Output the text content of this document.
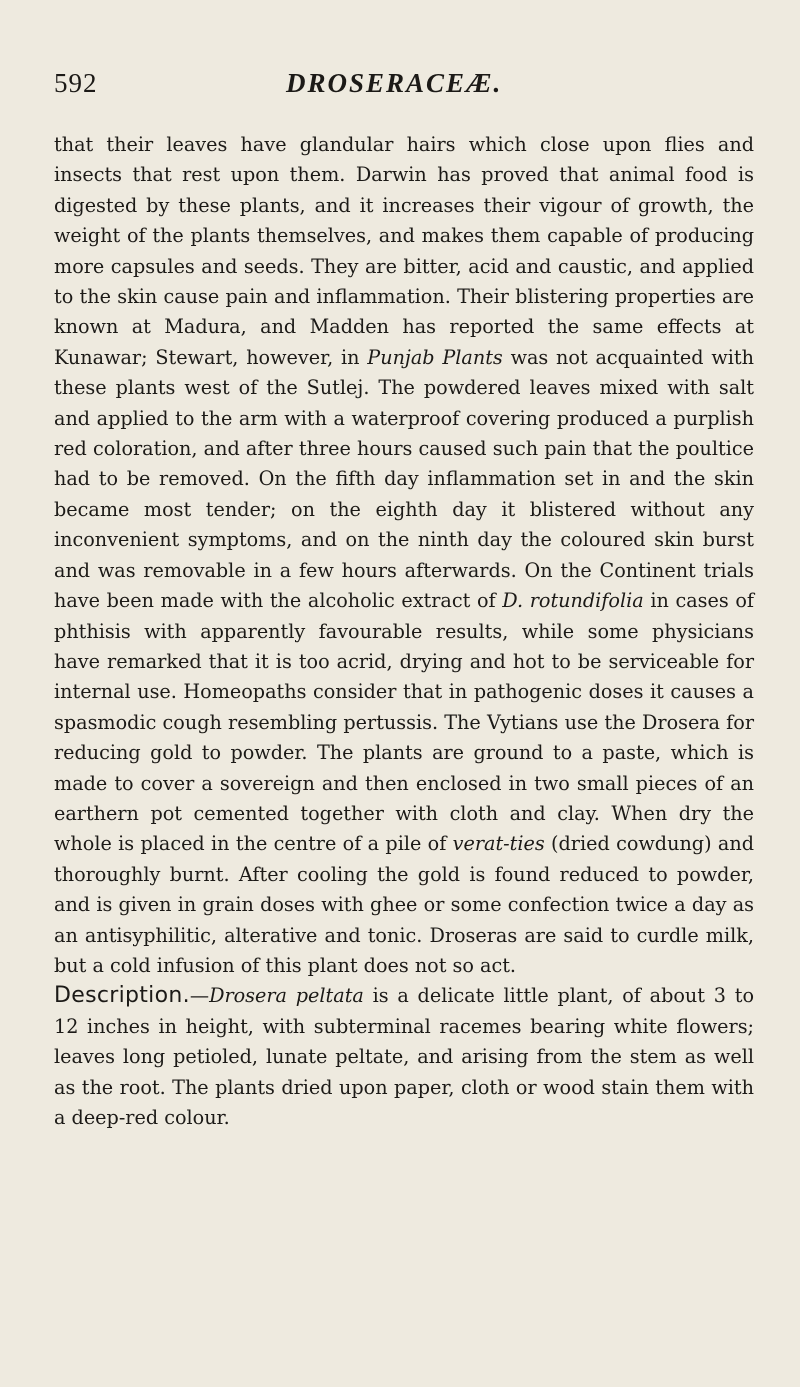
592	DROSERACEÆ.

that their leaves have glandular hairs which close upon flies and insects that rest upon them. Darwin has proved that animal food is digested by these plants, and it increases their vigour of growth, the weight of the plants themselves, and makes them capable of producing more capsules and seeds. They are bitter, acid and caustic, and applied to the skin cause pain and inflammation. Their blistering properties are known at Madura, and Madden has reported the same effects at Kunawar; Stewart, however, in Punjab Plants was not acquainted with these plants west of the Sutlej. The powdered leaves mixed with salt and applied to the arm with a waterproof covering produced a purplish red coloration, and after three hours caused such pain that the poultice had to be removed. On the fifth day inflammation set in and the skin became most tender; on the eighth day it blistered without any inconvenient symptoms, and on the ninth day the coloured skin burst and was removable in a few hours afterwards. On the Continent trials have been made with the alcoholic extract of D. rotundifolia in cases of phthisis with apparently favourable results, while some physicians have remarked that it is too acrid, drying and hot to be serviceable for internal use. Homeopaths consider that in pathogenic doses it causes a spasmodic cough resembling pertussis. The Vytians use the Drosera for reducing gold to powder. The plants are ground to a paste, which is made to cover a sovereign and then enclosed in two small pieces of an earthern pot cemented together with cloth and clay. When dry the whole is placed in the centre of a pile of verat-ties (dried cowdung) and thoroughly burnt. After cooling the gold is found reduced to powder, and is given in grain doses with ghee or some confection twice a day as an antisyphilitic, alterative and tonic. Droseras are said to curdle milk, but a cold infusion of this plant does not so act.

Description.—Drosera peltata is a delicate little plant, of about 3 to 12 inches in height, with subterminal racemes bearing white flowers; leaves long petioled, lunate peltate, and arising from the stem as well as the root. The plants dried upon paper, cloth or wood stain them with a deep-red colour.
